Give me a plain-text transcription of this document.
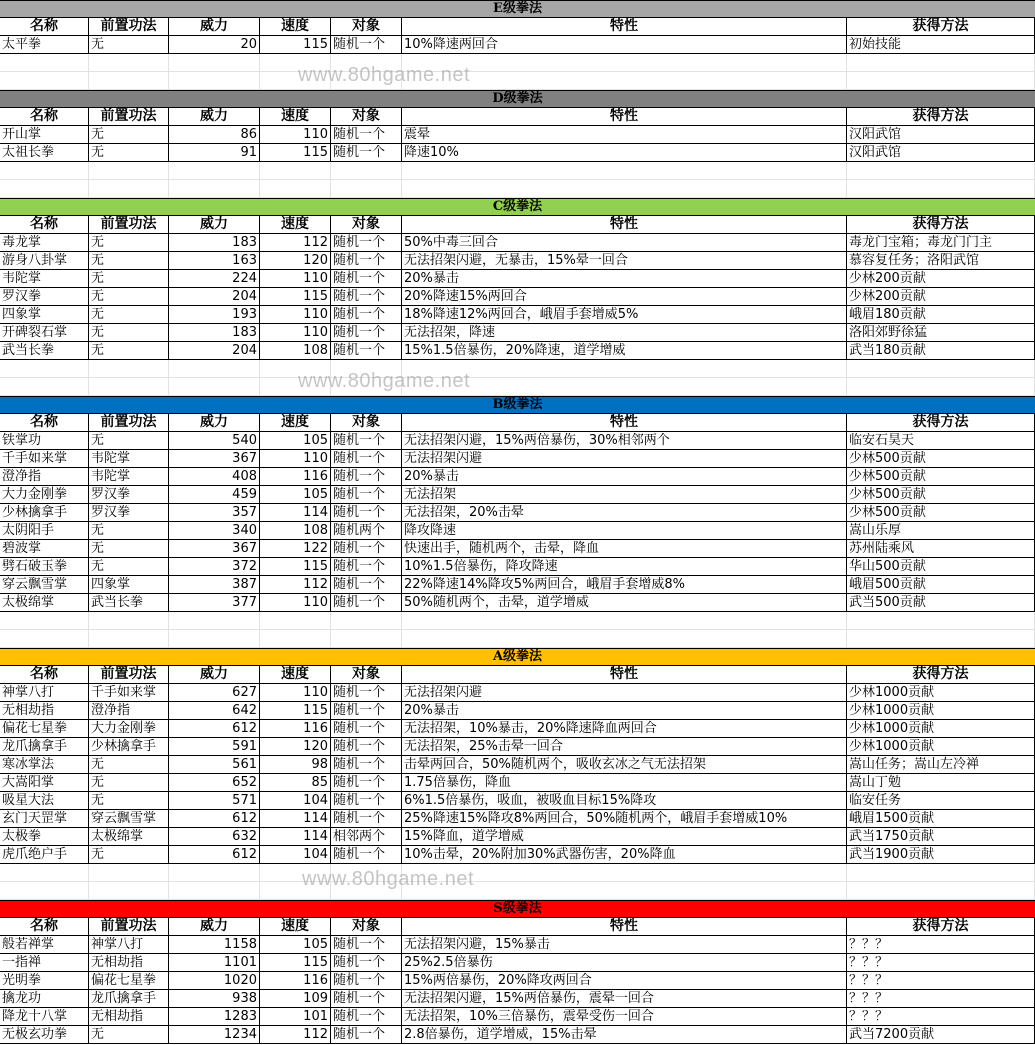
E级拳法
名称	前置功法	威力	速度	对象	特性	获得方法
太平拳	无	20	115 随机一个	10%降速两回合	初始技能
D级拳法
名称	前置功法	威力	速度	对象	特性	获得方法
开山掌	无	86	110 随机一个	震晕	汉阳武馆
太祖长拳	无	91	115 随机一个	降速10%	汉阳武馆
C级拳法
名称	前置功法	威力	速度	对象	特性	获得方法
毒龙掌	无	183	112 随机一个	50%中毒三回合	毒龙门宝箱；毒龙门门主
游身八卦掌	无	163	120 随机一个	无法招架闪避，无暴击，15%晕一回合	慕容复任务；洛阳武馆
韦陀掌	无	224	110 随机一个	20%暴击	少林200贡献
罗汉拳	无	204	115 随机一个	20%降速15%两回合	少林200贡献
四象掌	无	193	110 随机一个	18%降速12%两回合，峨眉手套增威5%	峨眉180贡献
开碑裂石掌	无	183	110 随机一个	无法招架，降速	洛阳郊野徐猛
武当长拳	无	204	108 随机一个	15%1.5倍暴伤，20%降速，道学增威	武当180贡献
B级拳法
名称	前置功法	威力	速度	对象	特性	获得方法
铁掌功	无	540	105 随机一个	无法招架闪避，15%两倍暴伤，30%相邻两个	临安石昊天
千手如来掌	韦陀掌	367	110 随机一个	无法招架闪避	少林500贡献
澄净指	韦陀掌	408	116 随机一个	20%暴击	少林500贡献
大力金刚拳	罗汉拳	459	105 随机一个	无法招架	少林500贡献
少林擒拿手	罗汉拳	357	114 随机一个	无法招架，20%击晕	少林500贡献
太阴阳手	无	340	108 随机两个	降攻降速	嵩山乐厚
碧波掌	无	367	122 随机一个	快速出手，随机两个，击晕，降血	苏州陆乘风
劈石破玉拳	无	372	115 随机一个	10%1.5倍暴伤，降攻降速	华山500贡献
穿云飘雪掌	四象掌	387	112 随机一个	22%降速14%降攻5%两回合，峨眉手套增威8%	峨眉500贡献
太极绵掌	武当长拳	377	110 随机一个	50%随机两个，击晕，道学增威	武当500贡献
A级拳法
名称	前置功法	威力	速度	对象	特性	获得方法
神掌八打	千手如来掌	627	110 随机一个	无法招架闪避	少林1000贡献
无相劫指	澄净指	642	115 随机一个	20%暴击	少林1000贡献
偏花七星拳	大力金刚拳	612	116 随机一个	无法招架，10%暴击，20%降速降血两回合	少林1000贡献
龙爪擒拿手	少林擒拿手	591	120 随机一个	无法招架，25%击晕一回合	少林1000贡献
寒冰掌法	无	561	98 随机一个	击晕两回合，50%随机两个，吸收玄冰之气无法招架	嵩山任务；嵩山左冷禅
大嵩阳掌	无	652	85 随机一个	1.75倍暴伤，降血	嵩山丁勉
吸星大法	无	571	104 随机一个	6%1.5倍暴伤，吸血，被吸血目标15%降攻	临安任务
玄门天罡掌	穿云飘雪掌	612	114 随机一个	25%降速15%降攻8%两回合，50%随机两个，峨眉手套增威10%	峨眉1500贡献
太极拳	太极绵掌	632	114 相邻两个	15%降血，道学增威	武当1750贡献
虎爪绝户手	无	612	104 随机一个	10%击晕，20%附加30%武器伤害，20%降血	武当1900贡献
S级拳法
名称	前置功法	威力	速度	对象	特性	获得方法
般若禅掌	神掌八打	1158	105 随机一个	无法招架闪避，15%暴击	？？？
一指禅	无相劫指	1101	115 随机一个	25%2.5倍暴伤	？？？
光明拳	偏花七星拳	1020	116 随机一个	15%两倍暴伤，20%降攻两回合	？？？
擒龙功	龙爪擒拿手	938	109 随机一个	无法招架闪避，15%两倍暴伤，震晕一回合	？？？
降龙十八掌	无相劫指	1283	101 随机一个	无法招架，10%三倍暴伤，震晕受伤一回合	？？？
无极玄功拳	无	1234	112 随机一个	2.8倍暴伤，道学增威，15%击晕	武当7200贡献
www.80hgame.net
www.80hgame.net
www.80hgame.net
